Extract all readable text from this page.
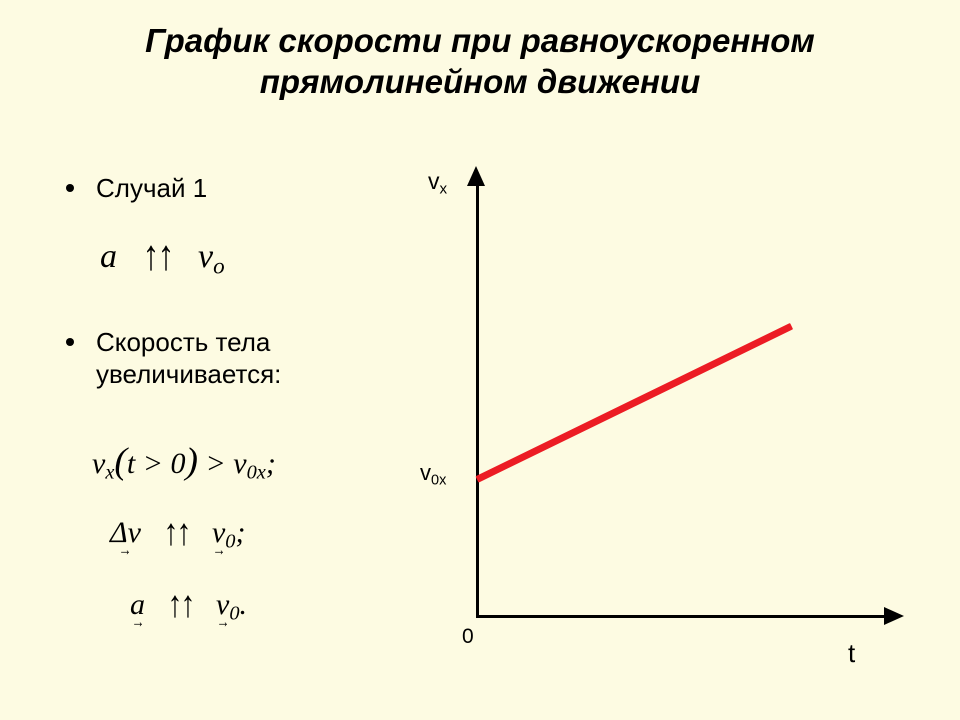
График скорости при равноускоренном прямолинейном движении
Случай 1
Скорость тела увеличивается:
a ↑↑ $v_о$
$v_x(t > 0) > v_{0x}$;
Δv → ↑↑ $v \to_0$;
a → ↑↑ $v \to_0$.
vx
v0x
0
t
